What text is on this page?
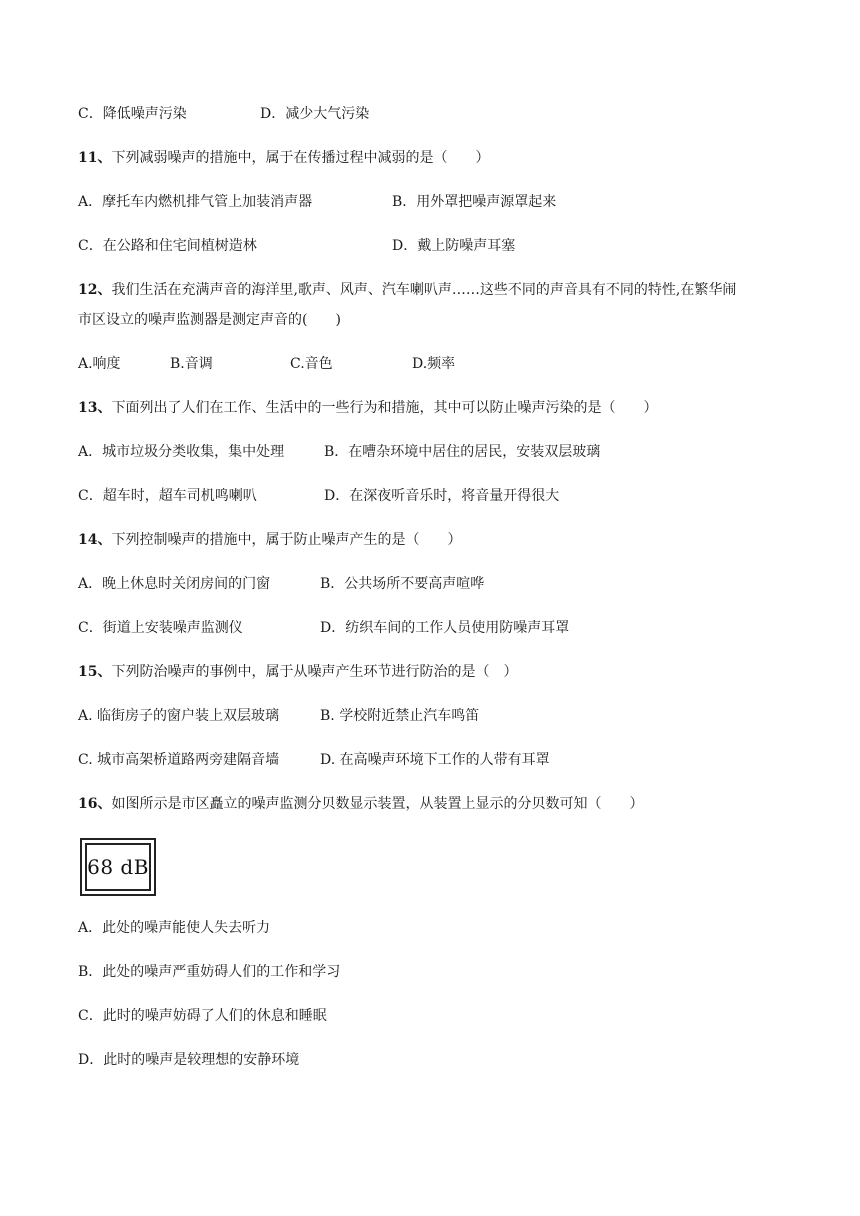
C．降低噪声污染	D．减少大气污染
11、下列减弱噪声的措施中，属于在传播过程中减弱的是（　　）
A．摩托车内燃机排气管上加装消声器	B．用外罩把噪声源罩起来
C．在公路和住宅间植树造林	D．戴上防噪声耳塞
12、我们生活在充满声音的海洋里,歌声、风声、汽车喇叭声……这些不同的声音具有不同的特性,在繁华闹
市区设立的噪声监测器是测定声音的(　　)
A.响度	B.音调	C.音色	D.频率
13、下面列出了人们在工作、生活中的一些行为和措施，其中可以防止噪声污染的是（　　）
A．城市垃圾分类收集，集中处理	B．在嘈杂环境中居住的居民，安装双层玻璃
C．超车时，超车司机鸣喇叭	D．在深夜听音乐时，将音量开得很大
14、下列控制噪声的措施中，属于防止噪声产生的是（　　）
A．晚上休息时关闭房间的门窗	B．公共场所不要高声喧哗
C．街道上安装噪声监测仪	D．纺织车间的工作人员使用防噪声耳罩
15、下列防治噪声的事例中，属于从噪声产生环节进行防治的是（　）
A. 临街房子的窗户装上双层玻璃	B. 学校附近禁止汽车鸣笛
C. 城市高架桥道路两旁建隔音墙	D. 在高噪声环境下工作的人带有耳罩
16、如图所示是市区矗立的噪声监测分贝数显示装置，从装置上显示的分贝数可知（　　）
68 dB
A．此处的噪声能使人失去听力
B．此处的噪声严重妨碍人们的工作和学习
C．此时的噪声妨碍了人们的休息和睡眠
D．此时的噪声是较理想的安静环境
